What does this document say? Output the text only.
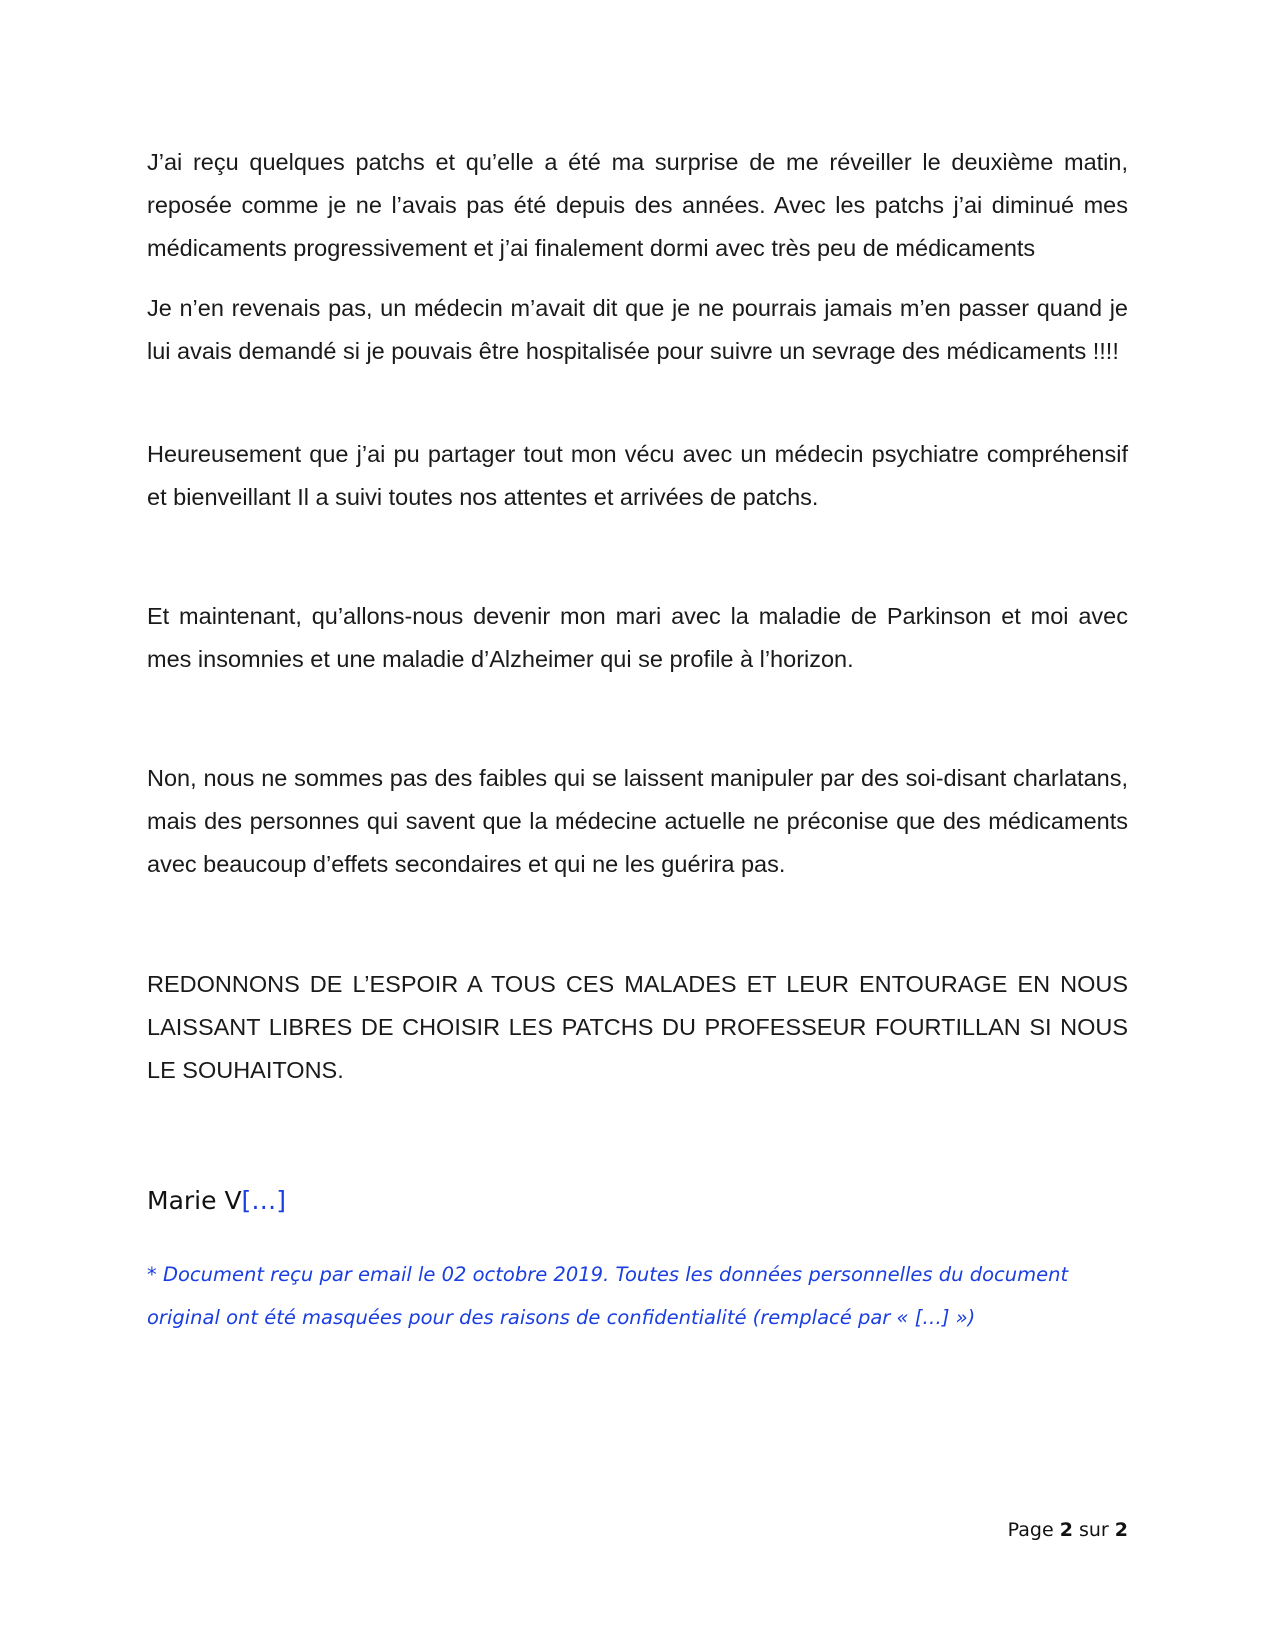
J’ai reçu quelques patchs et qu’elle a été ma surprise de me réveiller le deuxième matin, reposée comme je ne l’avais pas été depuis des années. Avec les patchs j’ai diminué mes médicaments progressivement et j’ai finalement dormi avec très peu de médicaments

Je n’en revenais pas, un médecin m’avait dit que je ne pourrais jamais m’en passer quand je lui avais demandé si je pouvais être hospitalisée pour suivre un sevrage des médicaments !!!!

Heureusement que j’ai pu partager tout mon vécu avec un médecin psychiatre compréhensif et bienveillant Il a suivi toutes nos attentes et arrivées de patchs.

Et maintenant, qu’allons-nous devenir mon mari avec la maladie de Parkinson et moi avec mes insomnies et une maladie d’Alzheimer qui se profile à l’horizon.

Non, nous ne sommes pas des faibles qui se laissent manipuler par des soi-disant charlatans, mais des personnes qui savent que la médecine actuelle ne préconise que des médicaments avec beaucoup d’effets secondaires et qui ne les guérira pas.

REDONNONS DE L’ESPOIR A TOUS CES MALADES ET LEUR ENTOURAGE EN NOUS LAISSANT LIBRES DE CHOISIR LES PATCHS DU PROFESSEUR FOURTILLAN SI NOUS LE SOUHAITONS.

Marie V[…]

* Document reçu par email le 02 octobre 2019. Toutes les données personnelles du document original ont été masquées pour des raisons de confidentialité (remplacé par « […] »)

Page 2 sur 2
